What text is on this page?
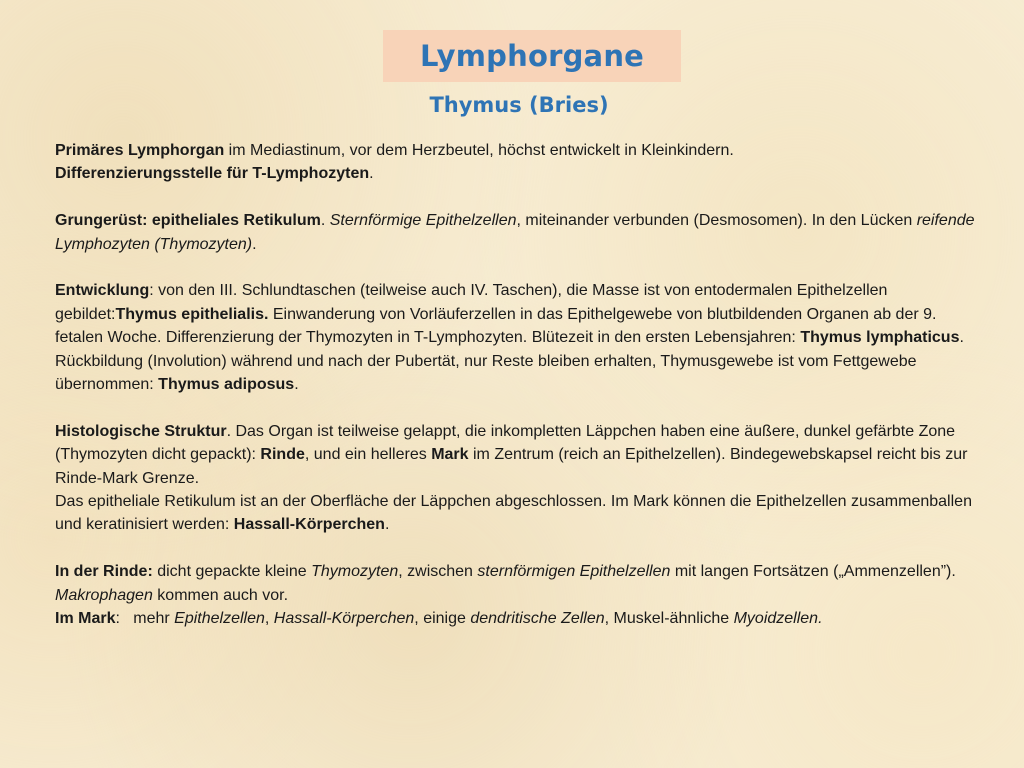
Lymphorgane
Thymus (Bries)

Primäres Lymphorgan im Mediastinum, vor dem Herzbeutel, höchst entwickelt in Kleinkindern.
Differenzierungsstelle für T-Lymphozyten.

Grungerüst: epitheliales Retikulum. Sternförmige Epithelzellen, miteinander verbunden (Desmosomen). In den Lücken reifende Lymphozyten (Thymozyten).

Entwicklung: von den III. Schlundtaschen (teilweise auch IV. Taschen), die Masse ist von entodermalen Epithelzellen gebildet:Thymus epithelialis. Einwanderung von Vorläuferzellen in das Epithelgewebe von blutbildenden Organen ab der 9. fetalen Woche. Differenzierung der Thymozyten in T-Lymphozyten. Blütezeit in den ersten Lebensjahren: Thymus lymphaticus. Rückbildung (Involution) während und nach der Pubertät, nur Reste bleiben erhalten, Thymusgewebe ist vom Fettgewebe übernommen: Thymus adiposus.

Histologische Struktur. Das Organ ist teilweise gelappt, die inkompletten Läppchen haben eine äußere, dunkel gefärbte Zone (Thymozyten dicht gepackt): Rinde, und ein helleres Mark im Zentrum (reich an Epithelzellen). Bindegewebskapsel reicht bis zur Rinde-Mark Grenze.
Das epitheliale Retikulum ist an der Oberfläche der Läppchen abgeschlossen. Im Mark können die Epithelzellen zusammenballen und keratinisiert werden: Hassall-Körperchen.

In der Rinde: dicht gepackte kleine Thymozyten, zwischen sternförmigen Epithelzellen mit langen Fortsätzen („Ammenzellen”). Makrophagen kommen auch vor.
Im Mark:   mehr Epithelzellen, Hassall-Körperchen, einige dendritische Zellen, Muskel-ähnliche Myoidzellen.
